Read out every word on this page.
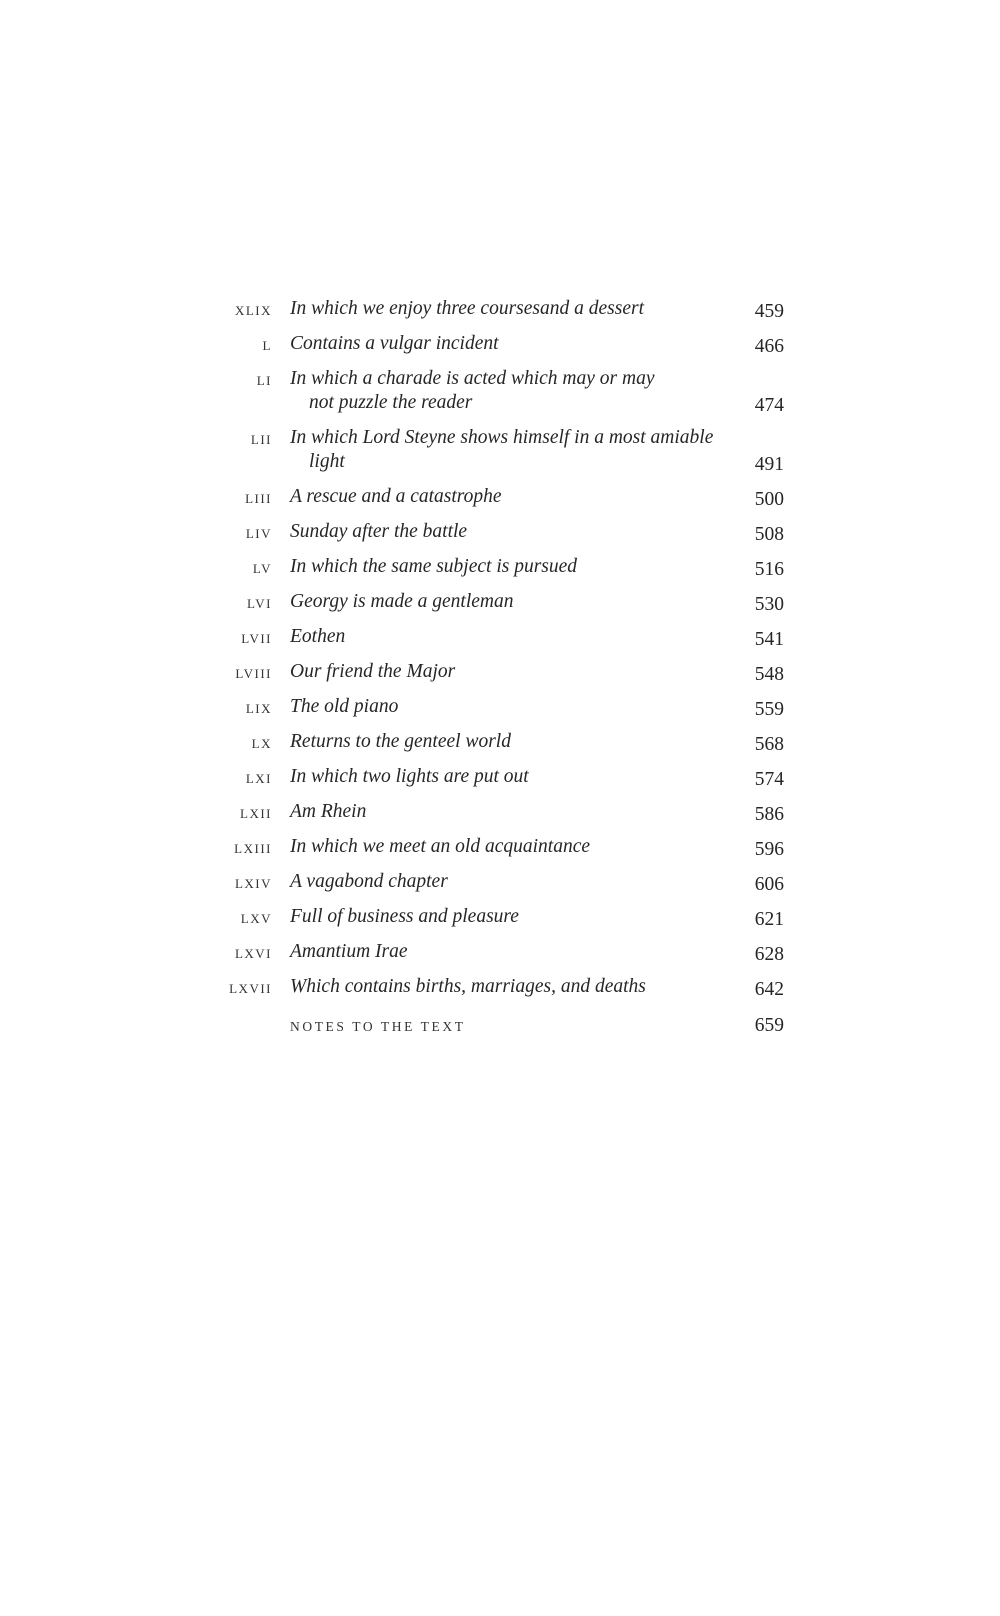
XLIX In which we enjoy three coursesand a dessert	459
L Contains a vulgar incident	466
LI In which a charade is acted which may or may
not puzzle the reader	474
LII In which Lord Steyne shows himself in a most amiable
light	491
LIII A rescue and a catastrophe	500
LIV Sunday after the battle	508
LV In which the same subject is pursued	516
LVI Georgy is made a gentleman	530
LVII Eothen	541
LVIII Our friend the Major	548
LIX The old piano	559
LX Returns to the genteel world	568
LXI In which two lights are put out	574
LXII Am Rhein	586
LXIII In which we meet an old acquaintance	596
LXIV A vagabond chapter	606
LXV Full of business and pleasure	621
LXVI Amantium Irae	628
LXVII Which contains births, marriages, and deaths	642
NOTES TO THE TEXT	659
